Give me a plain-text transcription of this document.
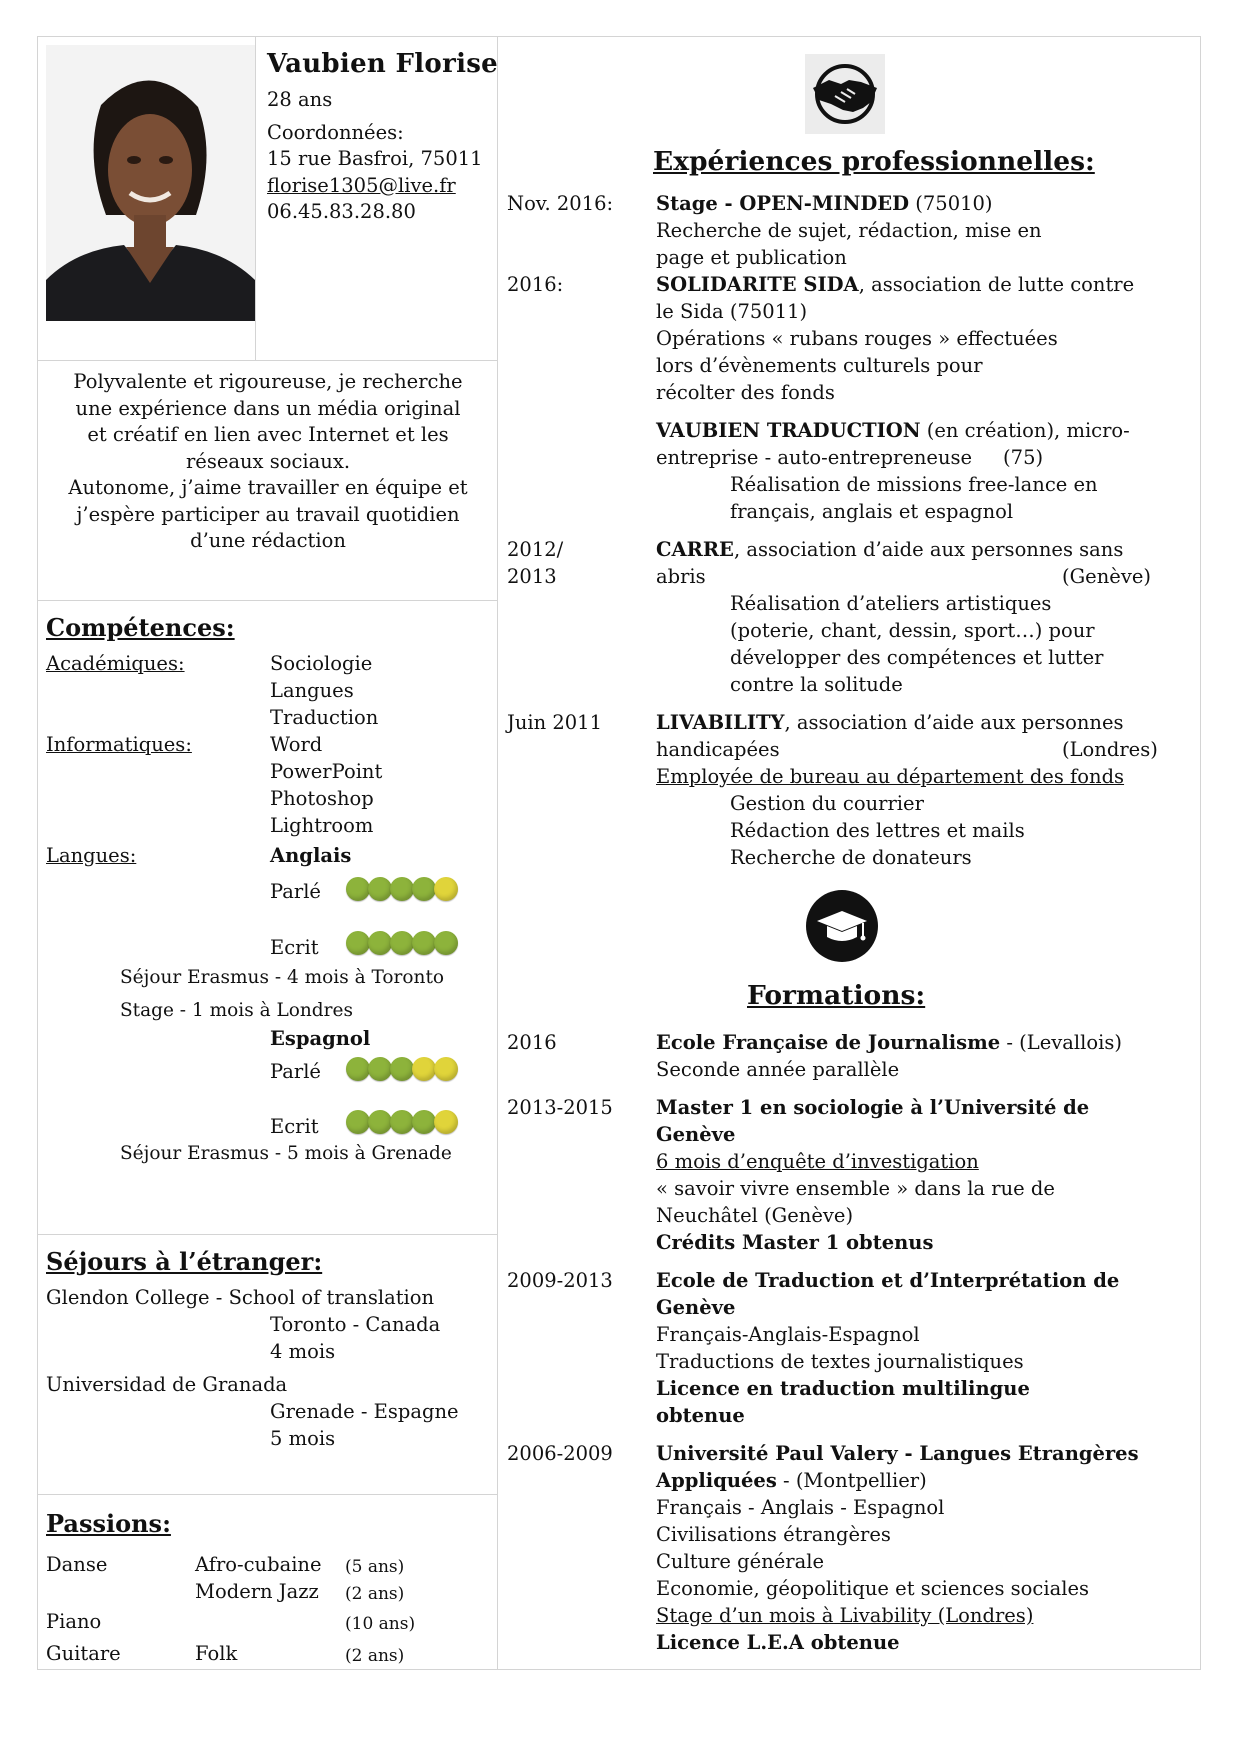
Vaubien Florise
28 ans
Coordonnées:
15 rue Basfroi, 75011
florise1305@live.fr
06.45.83.28.80
Polyvalente et rigoureuse, je recherche
une expérience dans un média original
et créatif en lien avec Internet et les
réseaux sociaux.
Autonome, j’aime travailler en équipe et
j’espère participer au travail quotidien
d’une rédaction
Compétences:
Académiques:	Sociologie
Langues
Traduction
Informatiques:	Word
PowerPoint
Photoshop
Lightroom
Langues:	Anglais
Parlé
Ecrit
Séjour Erasmus - 4 mois à Toronto
Stage - 1 mois à Londres
Espagnol
Parlé
Ecrit
Séjour Erasmus - 5 mois à Grenade
Séjours à l’étranger:
Glendon College - School of translation
Toronto - Canada
4 mois
Universidad de Granada
Grenade - Espagne
5 mois
Passions:
Danse	Afro-cubaine (5 ans)
Modern Jazz (2 ans)
Piano	(10 ans)
Guitare	Folk	(2 ans)
Expériences professionnelles:
Nov. 2016: Stage - OPEN-MINDED (75010)
Recherche de sujet, rédaction, mise en
page et publication
2016:	SOLIDARITE SIDA, association de lutte contre
le Sida (75011)
Opérations « rubans rouges » effectuées
lors d’évènements culturels pour
récolter des fonds
VAUBIEN TRADUCTION (en création), micro-
entreprise - auto-entrepreneuse     (75)
Réalisation de missions free-lance en
français, anglais et espagnol
2012/
2013
CARRE, association d’aide aux personnes sans
abris	(Genève)
Réalisation d’ateliers artistiques
(poterie, chant, dessin, sport…) pour
développer des compétences et lutter
contre la solitude
Juin 2011	LIVABILITY, association d’aide aux personnes
handicapées	(Londres)
Employée de bureau au département des fonds
Gestion du courrier
Rédaction des lettres et mails
Recherche de donateurs
Formations:
2016	Ecole Française de Journalisme - (Levallois)
Seconde année parallèle
2013-2015 Master 1 en sociologie à l’Université de
Genève
6 mois d’enquête d’investigation
« savoir vivre ensemble » dans la rue de
Neuchâtel (Genève)
Crédits Master 1 obtenus
2009-2013 Ecole de Traduction et d’Interprétation de
Genève
Français-Anglais-Espagnol
Traductions de textes journalistiques
Licence en traduction multilingue
obtenue
2006-2009 Université Paul Valery - Langues Etrangères
Appliquées - (Montpellier)
Français - Anglais - Espagnol
Civilisations étrangères
Culture générale
Economie, géopolitique et sciences sociales
Stage d’un mois à Livability (Londres)
Licence L.E.A obtenue
